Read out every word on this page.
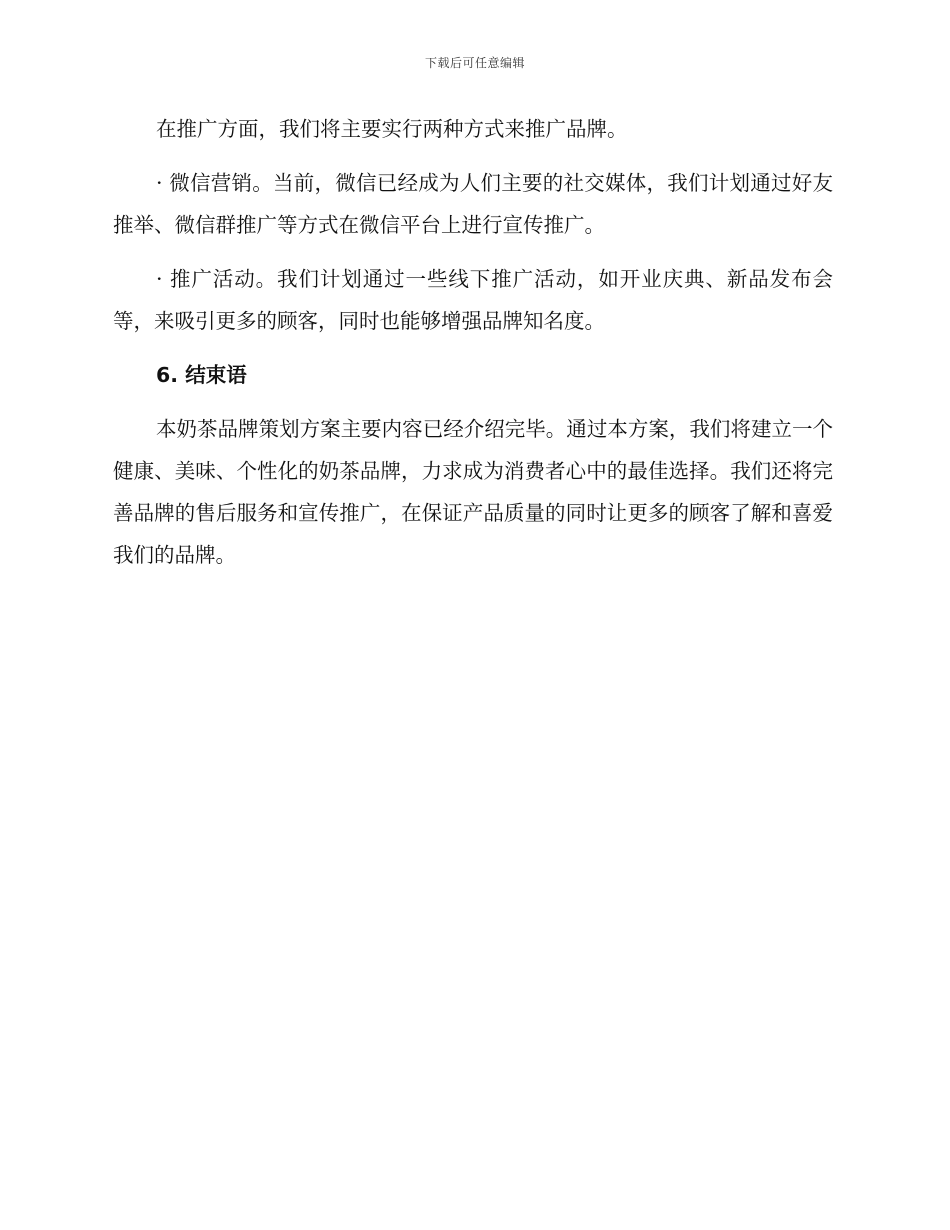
下载后可任意编辑

在推广方面，我们将主要实行两种方式来推广品牌。

· 微信营销。当前，微信已经成为人们主要的社交媒体，我们计划通过好友推举、微信群推广等方式在微信平台上进行宣传推广。

· 推广活动。我们计划通过一些线下推广活动，如开业庆典、新品发布会等，来吸引更多的顾客，同时也能够增强品牌知名度。

6. 结束语

本奶茶品牌策划方案主要内容已经介绍完毕。通过本方案，我们将建立一个健康、美味、个性化的奶茶品牌，力求成为消费者心中的最佳选择。我们还将完善品牌的售后服务和宣传推广，在保证产品质量的同时让更多的顾客了解和喜爱我们的品牌。
